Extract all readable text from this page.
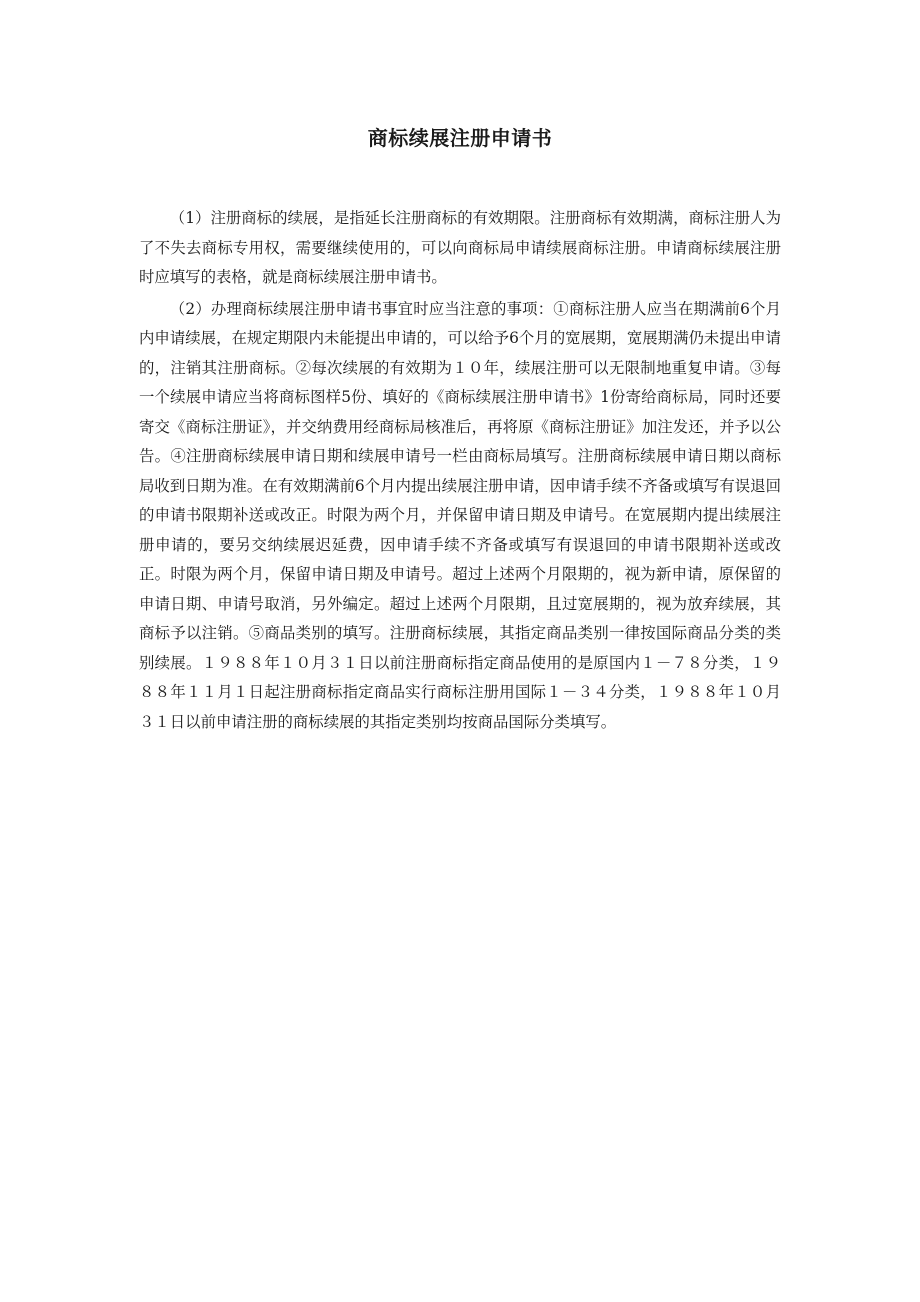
商标续展注册申请书

（1）注册商标的续展，是指延长注册商标的有效期限。注册商标有效期满，商标注册人为了不失去商标专用权，需要继续使用的，可以向商标局申请续展商标注册。申请商标续展注册时应填写的表格，就是商标续展注册申请书。

（2）办理商标续展注册申请书事宜时应当注意的事项：①商标注册人应当在期满前6个月内申请续展，在规定期限内未能提出申请的，可以给予6个月的宽展期，宽展期满仍未提出申请的，注销其注册商标。②每次续展的有效期为１０年，续展注册可以无限制地重复申请。③每一个续展申请应当将商标图样5份、填好的《商标续展注册申请书》1份寄给商标局，同时还要寄交《商标注册证》，并交纳费用经商标局核准后，再将原《商标注册证》加注发还，并予以公告。④注册商标续展申请日期和续展申请号一栏由商标局填写。注册商标续展申请日期以商标局收到日期为准。在有效期满前6个月内提出续展注册申请，因申请手续不齐备或填写有误退回的申请书限期补送或改正。时限为两个月，并保留申请日期及申请号。在宽展期内提出续展注册申请的，要另交纳续展迟延费，因申请手续不齐备或填写有误退回的申请书限期补送或改正。时限为两个月，保留申请日期及申请号。超过上述两个月限期的，视为新申请，原保留的申请日期、申请号取消，另外编定。超过上述两个月限期，且过宽展期的，视为放弃续展，其商标予以注销。⑤商品类别的填写。注册商标续展，其指定商品类别一律按国际商品分类的类别续展。１９８８年１０月３１日以前注册商标指定商品使用的是原国内１－７８分类，１９８８年１１月１日起注册商标指定商品实行商标注册用国际１－３４分类，１９８８年１０月３１日以前申请注册的商标续展的其指定类别均按商品国际分类填写。
